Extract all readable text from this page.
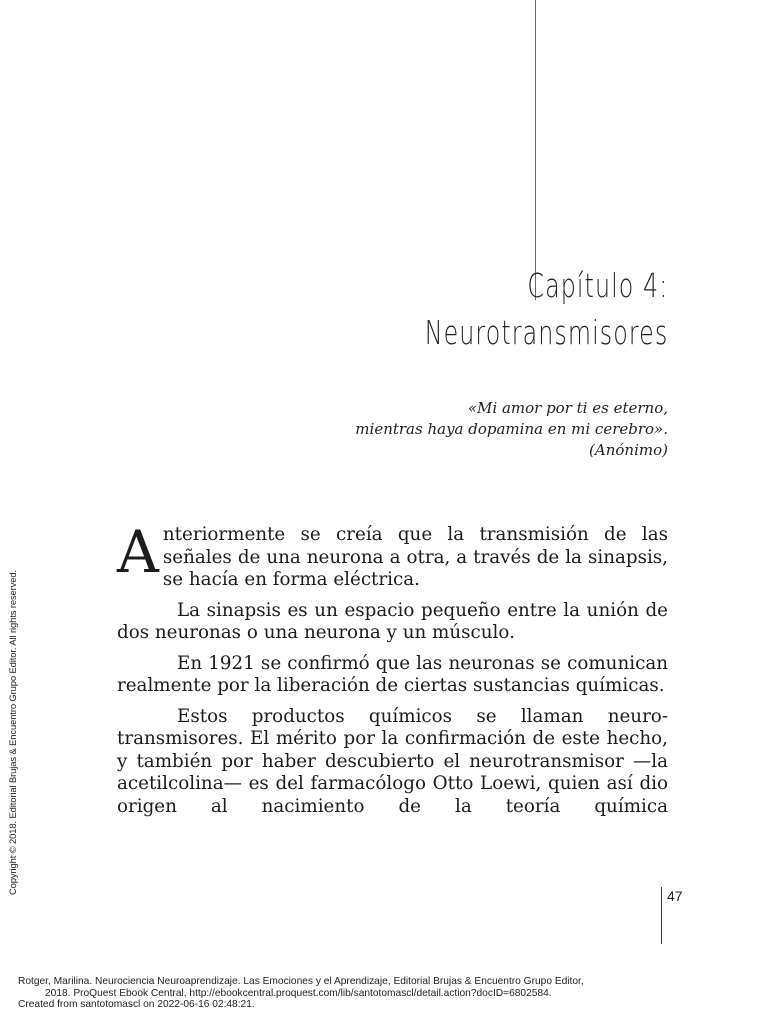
Capítulo 4:
Neurotransmisores
«Mi amor por ti es eterno,
mientras haya dopamina en mi cerebro».
(Anónimo)

Anteriormente se creía que la transmisión de las señales de una neurona a otra, a través de la sinapsis, se hacía en forma eléctrica.

La sinapsis es un espacio pequeño entre la unión de dos neuronas o una neurona y un músculo.

En 1921 se confirmó que las neuronas se comunican realmente por la liberación de ciertas sustancias químicas.

Estos productos químicos se llaman neuro-transmisores. El mérito por la confirmación de este hecho, y también por haber descubierto el neurotransmisor —la acetilcolina— es del farmacólogo Otto Loewi, quien así dio origen al nacimiento de la teoría química

Copyright © 2018. Editorial Brujas & Encuentro Grupo Editor. All rights reserved.
47
Rotger, Marilina. Neurociencia Neuroaprendizaje. Las Emociones y el Aprendizaje, Editorial Brujas & Encuentro Grupo Editor,
2018. ProQuest Ebook Central, http://ebookcentral.proquest.com/lib/santotomascl/detail.action?docID=6802584.
Created from santotomascl on 2022-06-16 02:48:21.
